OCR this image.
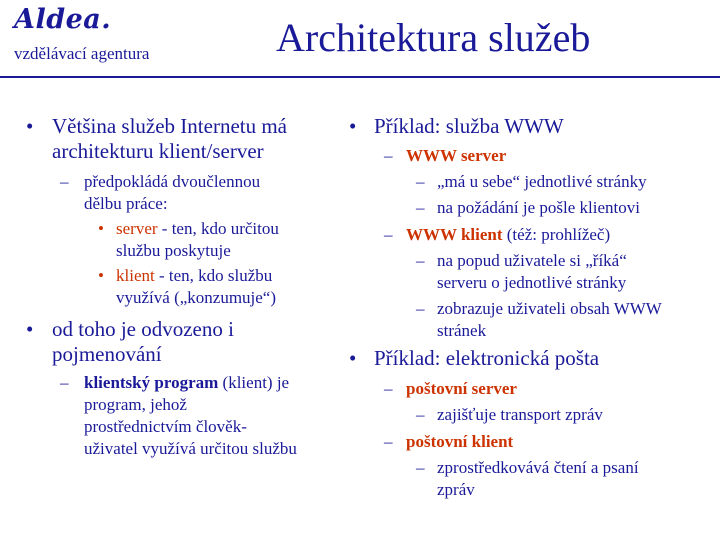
Aldea.
vzdělávací agentura	Architektura služeb
• Většina služeb Internetu má
architekturu klient/server
– předpokládá dvoučlennou
dělbu práce:
• server - ten, kdo určitou
službu poskytuje
• klient - ten, kdo službu
využívá („konzumuje“)
• od toho je odvozeno i
pojmenování
– klientský program (klient) je
program, jehož
prostřednictvím člověk-
uživatel využívá určitou službu
• Příklad: služba WWW
– WWW server
– „má u sebe“ jednotlivé stránky
– na požádání je pošle klientovi
– WWW klient (též: prohlížeč)
– na popud uživatele si „říká“
serveru o jednotlivé stránky
– zobrazuje uživateli obsah WWW
stránek
• Příklad: elektronická pošta
– poštovní server
– zajišťuje transport zpráv
– poštovní klient
– zprostředkovává čtení a psaní
zpráv
